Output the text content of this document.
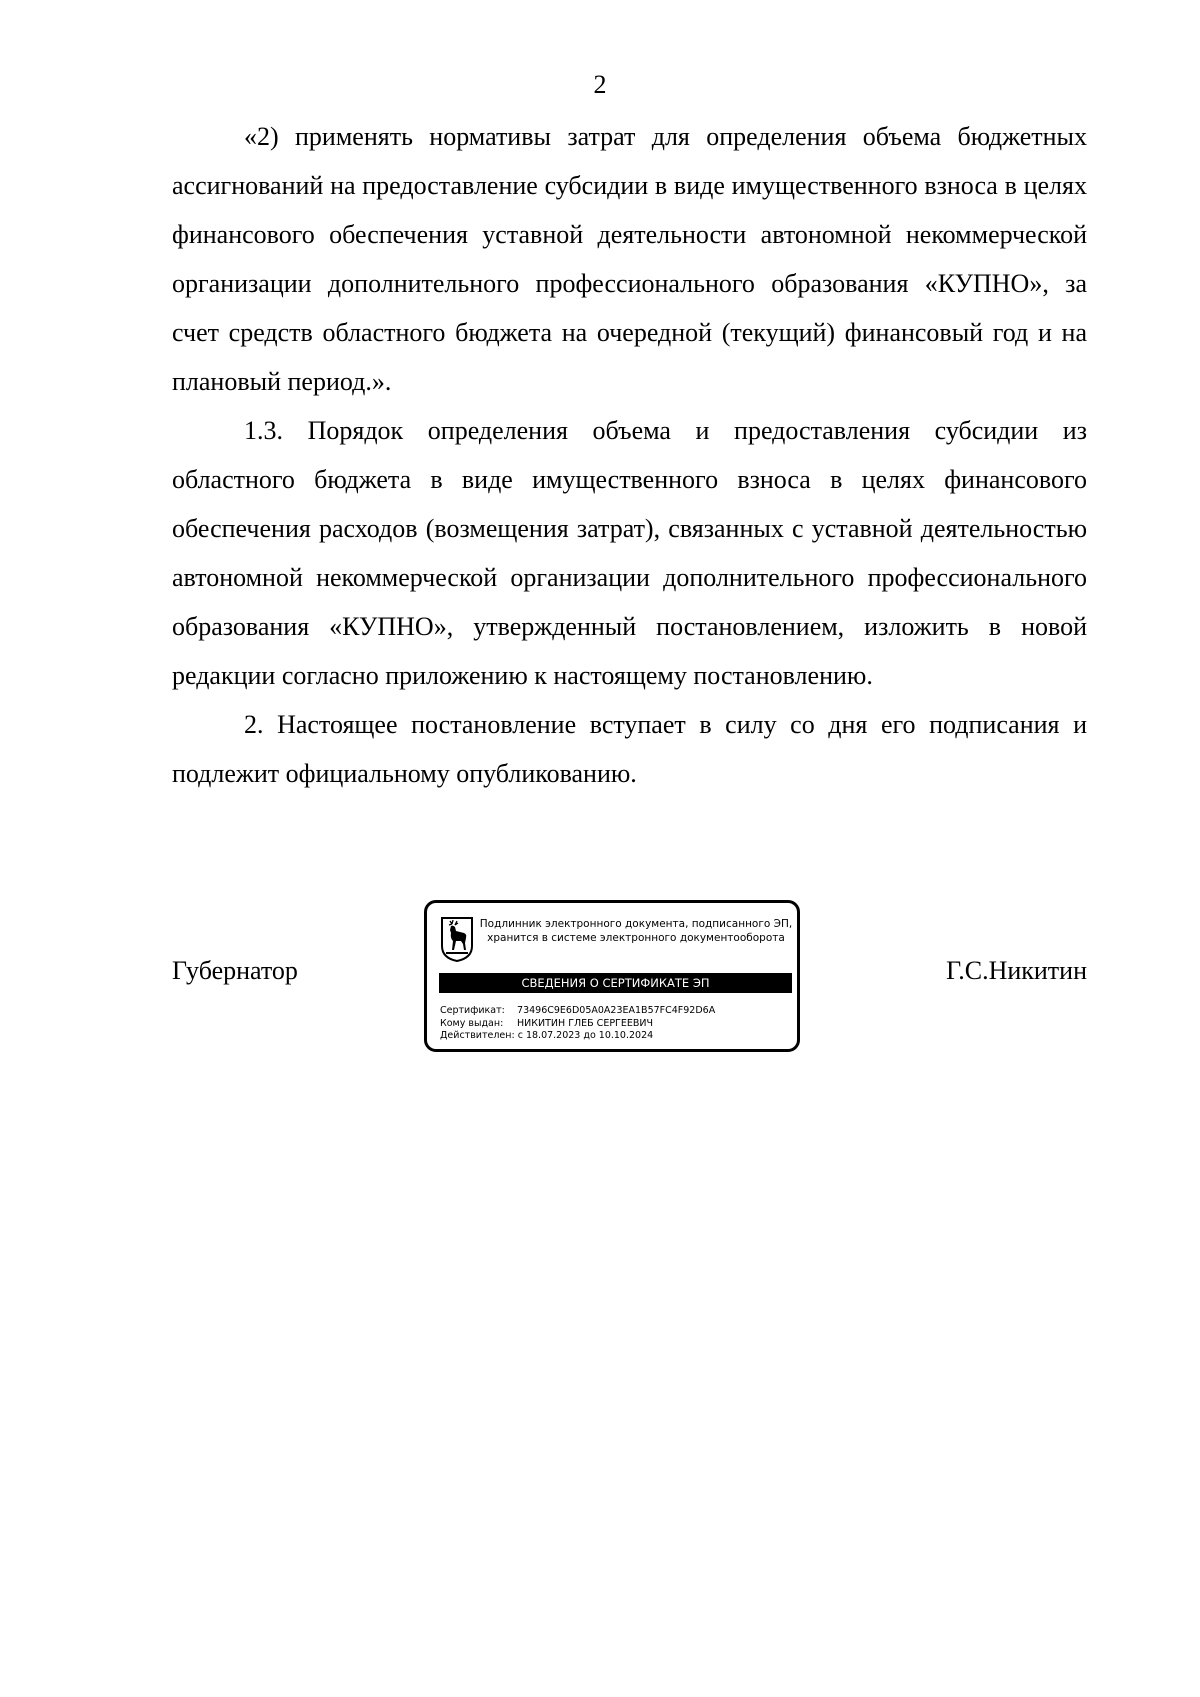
2

«2) применять нормативы затрат для определения объема бюджетных ассигнований на предоставление субсидии в виде имущественного взноса в целях финансового обеспечения уставной деятельности автономной некоммерческой организации дополнительного профессионального образования «КУПНО», за счет средств областного бюджета на очередной (текущий) финансовый год и на плановый период.».

1.3. Порядок определения объема и предоставления субсидии из областного бюджета в виде имущественного взноса в целях финансового обеспечения расходов (возмещения затрат), связанных с уставной деятельностью автономной некоммерческой организации дополнительного профессионального образования «КУПНО», утвержденный постановлением, изложить в новой редакции согласно приложению к настоящему постановлению.

2. Настоящее постановление вступает в силу со дня его подписания и подлежит официальному опубликованию.

Губернатор
Подлинник электронного документа, подписанного ЭП,
хранится в системе электронного документооборота
СВЕДЕНИЯ О СЕРТИФИКАТЕ ЭП
Сертификат: 73496C9E6D05A0A23EA1B57FC4F92D6A
Кому выдан: НИКИТИН ГЛЕБ СЕРГЕЕВИЧ
Действителен: с 18.07.2023 до 10.10.2024
Г.С.Никитин
